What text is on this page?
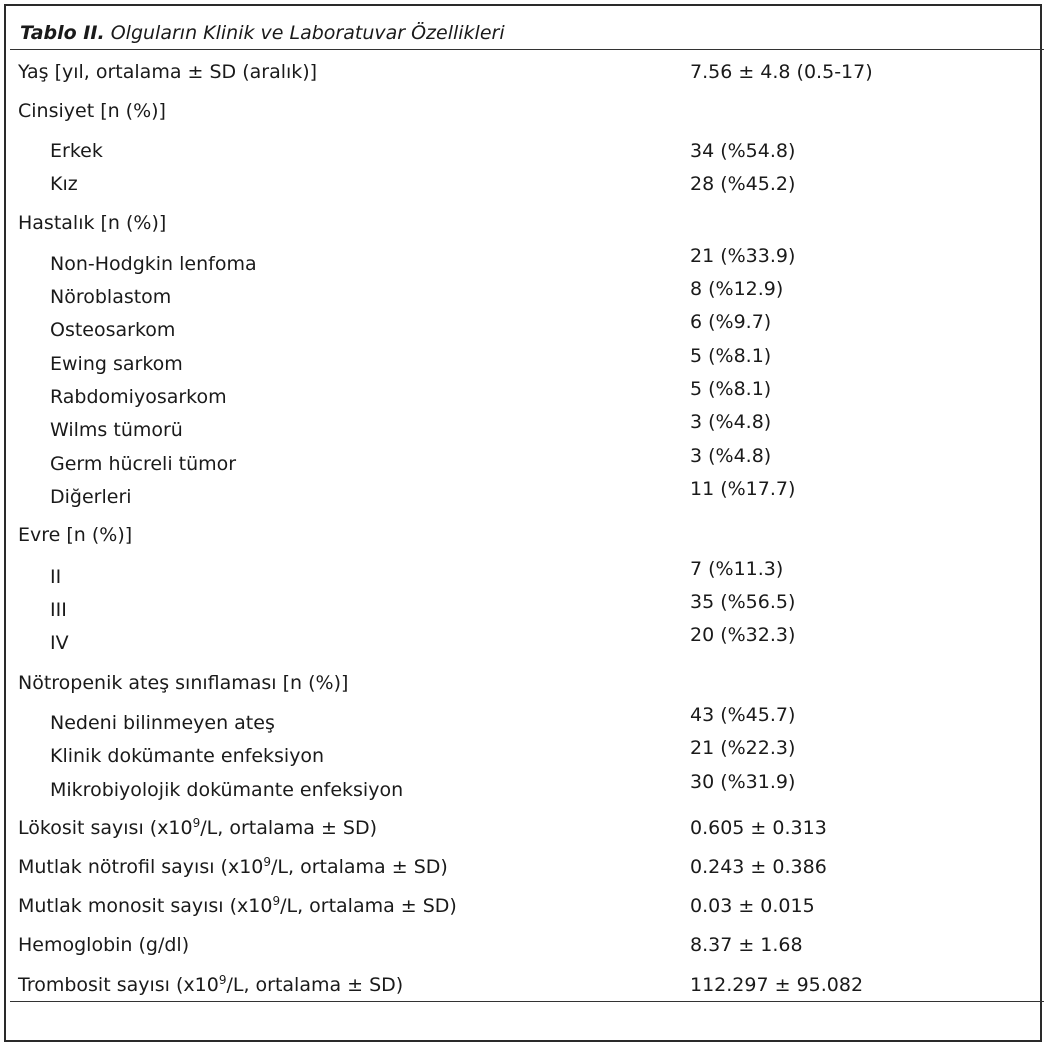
Tablo II. Olguların Klinik ve Laboratuvar Özellikleri
Yaş [yıl, ortalama ± SD (aralık)]	7.56 ± 4.8 (0.5-17)
Cinsiyet [n (%)]
Erkek	34 (%54.8)
Kız	28 (%45.2)
Hastalık [n (%)]
Non-Hodgkin lenfoma	21 (%33.9)
Nöroblastom	8 (%12.9)
Osteosarkom	6 (%9.7)
Ewing sarkom	5 (%8.1)
Rabdomiyosarkom	5 (%8.1)
Wilms tümorü	3 (%4.8)
Germ hücreli tümor	3 (%4.8)
Diğerleri	11 (%17.7)
Evre [n (%)]
II	7 (%11.3)
III	35 (%56.5)
IV	20 (%32.3)
Nötropenik ateş sınıflaması [n (%)]
Nedeni bilinmeyen ateş	43 (%45.7)
Klinik dokümante enfeksiyon	21 (%22.3)
Mikrobiyolojik dokümante enfeksiyon	30 (%31.9)
Lökosit sayısı ($x10^9/L$, ortalama ± SD)	0.605 ± 0.313
Mutlak nötrofil sayısı ($x10^9/L$, ortalama ± SD)	0.243 ± 0.386
Mutlak monosit sayısı ($x10^9/L$, ortalama ± SD)	0.03 ± 0.015
Hemoglobin (g/dl)	8.37 ± 1.68
Trombosit sayısı ($x10^9/L$, ortalama ± SD)	112.297 ± 95.082
